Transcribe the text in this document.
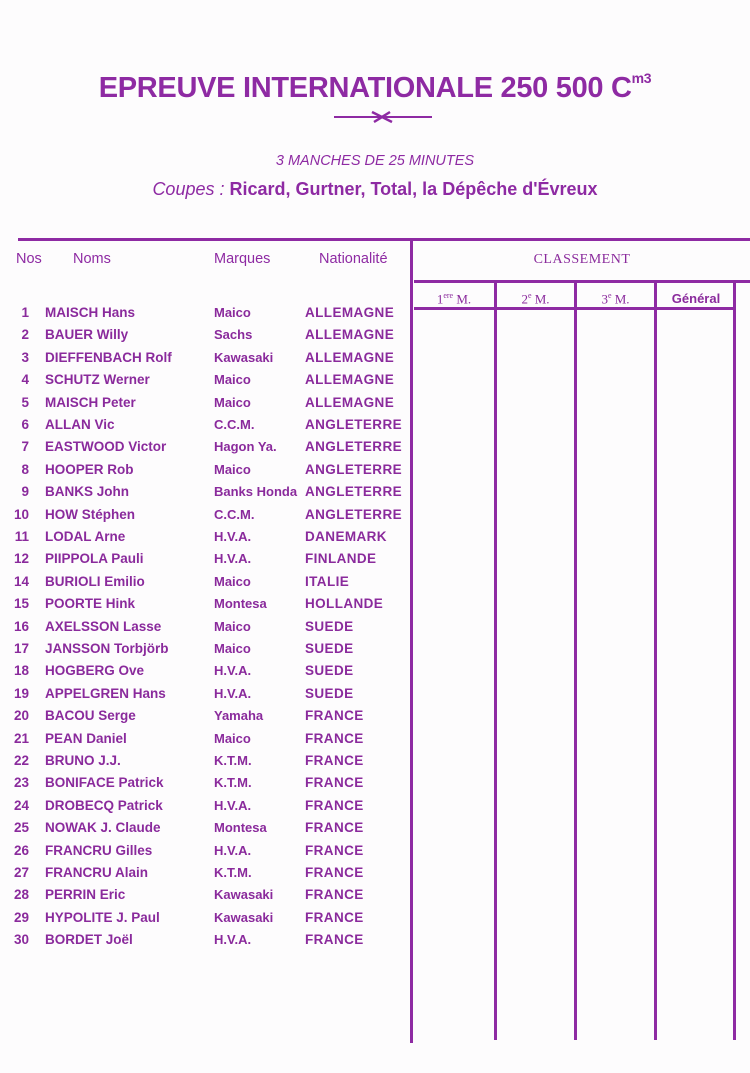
EPREUVE INTERNATIONALE 250 500 $C^{m3}$
3 MANCHES DE 25 MINUTES
Coupes : Ricard, Gurtner, Total, la Dépêche d'Évreux
Nos Noms	Marques	Nationalité	CLASSEMENT
1ere M.	2e M.	3e M.	Général
1 MAISCH Hans	Maico	ALLEMAGNE
2 BAUER Willy	Sachs	ALLEMAGNE
3 DIEFFENBACH Rolf	Kawasaki ALLEMAGNE
4 SCHUTZ Werner	Maico	ALLEMAGNE
5 MAISCH Peter	Maico	ALLEMAGNE
6 ALLAN Vic	C.C.M.	ANGLETERRE
7 EASTWOOD Victor	Hagon Ya. ANGLETERRE
8 HOOPER Rob	Maico	ANGLETERRE
9 BANKS John	Banks Honda ANGLETERRE
10 HOW Stéphen	C.C.M.	ANGLETERRE
11 LODAL Arne	H.V.A.	DANEMARK
12 PIIPPOLA Pauli	H.V.A.	FINLANDE
14 BURIOLI Emilio	Maico	ITALIE
15 POORTE Hink	Montesa	HOLLANDE
16 AXELSSON Lasse	Maico	SUEDE
17 JANSSON Torbjörb	Maico	SUEDE
18 HOGBERG Ove	H.V.A.	SUEDE
19 APPELGREN Hans	H.V.A.	SUEDE
20 BACOU Serge	Yamaha	FRANCE
21 PEAN Daniel	Maico	FRANCE
22 BRUNO J.J.	K.T.M.	FRANCE
23 BONIFACE Patrick	K.T.M.	FRANCE
24 DROBECQ Patrick	H.V.A.	FRANCE
25 NOWAK J. Claude	Montesa	FRANCE
26 FRANCRU Gilles	H.V.A.	FRANCE
27 FRANCRU Alain	K.T.M.	FRANCE
28 PERRIN Eric	Kawasaki FRANCE
29 HYPOLITE J. Paul	Kawasaki FRANCE
30 BORDET Joël	H.V.A.	FRANCE
